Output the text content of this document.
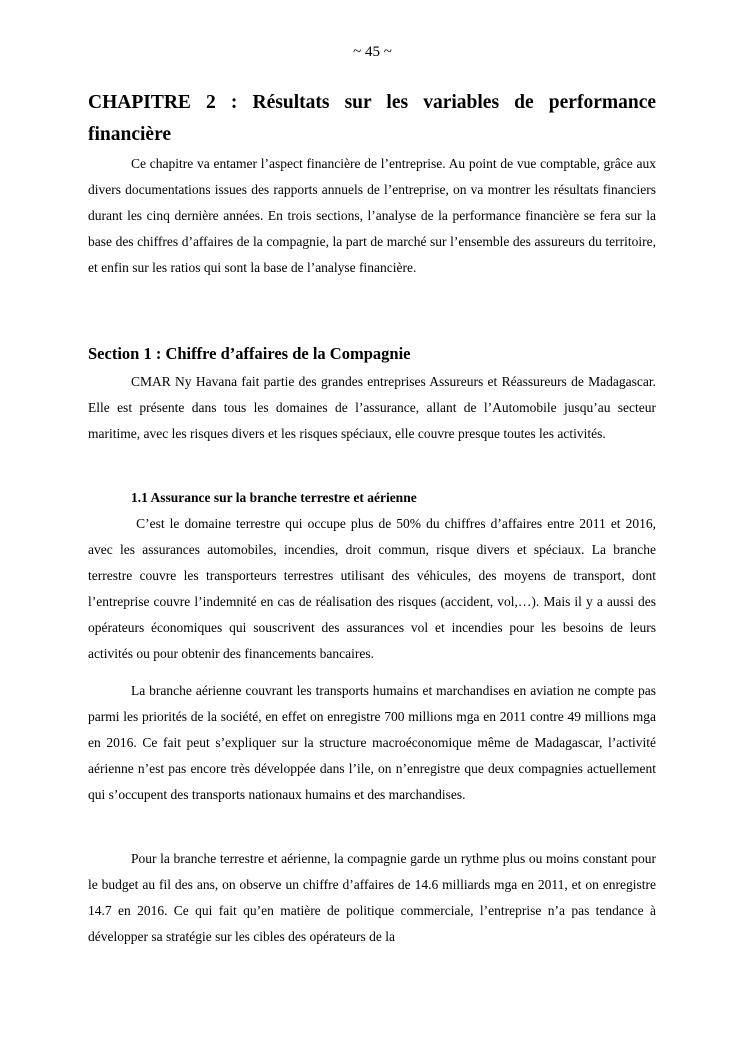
~ 45 ~
CHAPITRE 2 : Résultats sur les variables de performance financière

Ce chapitre va entamer l’aspect financière de l’entreprise. Au point de vue comptable, grâce aux divers documentations issues des rapports annuels de l’entreprise, on va montrer les résultats financiers durant les cinq dernière années. En trois sections, l’analyse de la performance financière se fera sur la base des chiffres d’affaires de la compagnie, la part de marché sur l’ensemble des assureurs du territoire, et enfin sur les ratios qui sont la base de l’analyse financière.

Section 1 : Chiffre d’affaires de la Compagnie

CMAR Ny Havana fait partie des grandes entreprises Assureurs et Réassureurs de Madagascar. Elle est présente dans tous les domaines de l’assurance, allant de l’Automobile jusqu’au secteur maritime, avec les risques divers et les risques spéciaux, elle couvre presque toutes les activités.

1.1 Assurance sur la branche terrestre et aérienne

C’est le domaine terrestre qui occupe plus de 50% du chiffres d’affaires entre 2011 et 2016, avec les assurances automobiles, incendies, droit commun, risque divers et spéciaux. La branche terrestre couvre les transporteurs terrestres utilisant des véhicules, des moyens de transport, dont l’entreprise couvre l’indemnité en cas de réalisation des risques (accident, vol,…). Mais il y a aussi des opérateurs économiques qui souscrivent des assurances vol et incendies pour les besoins de leurs activités ou pour obtenir des financements bancaires.

La branche aérienne couvrant les transports humains et marchandises en aviation ne compte pas parmi les priorités de la société, en effet on enregistre 700 millions mga en 2011 contre 49 millions mga en 2016. Ce fait peut s’expliquer sur la structure macroéconomique même de Madagascar, l’activité aérienne n’est pas encore très développée dans l’ile, on n’enregistre que deux compagnies actuellement qui s’occupent des transports nationaux humains et des marchandises.

Pour la branche terrestre et aérienne, la compagnie garde un rythme plus ou moins constant pour le budget au fil des ans, on observe un chiffre d’affaires de 14.6 milliards mga en 2011, et on enregistre 14.7 en 2016. Ce qui fait qu’en matière de politique commerciale, l’entreprise n’a pas tendance à développer sa stratégie sur les cibles des opérateurs de la
